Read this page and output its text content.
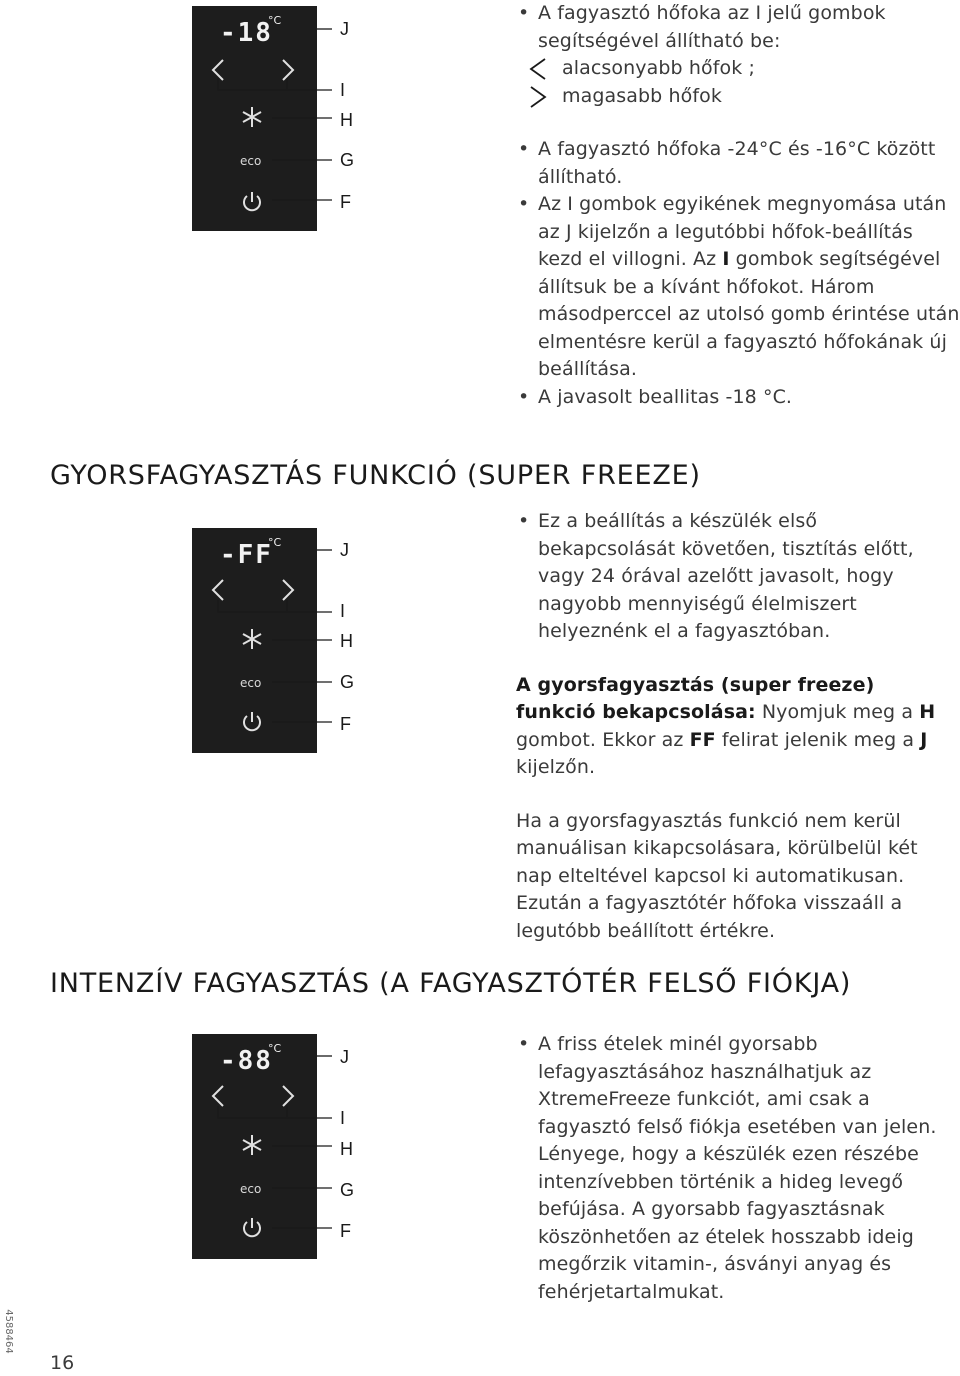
-18
°C
eco
J
I
H
G
F
• A fagyasztó hőfoka az I jelű gombok
segítségével állítható be:
alacsonyabb hőfok ;
magasabb hőfok
• A fagyasztó hőfoka -24°C és -16°C között állítható.
• Az I gombok egyikének megnyomása után az J kijelzőn a legutóbbi hőfok-beállítás kezd el villogni. Az I gombok segítségével állítsuk be a kívánt hőfokot. Három másodperccel az utolsó gomb érintése után elmentésre kerül a fagyasztó hőfokának új beállítása.
• A javasolt beallitas -18 °C.
GYORSFAGYASZTÁS FUNKCIÓ (SUPER FREEZE)
-FF
°C
eco
J
I
H
G
F
• Ez a beállítás a készülék első bekapcsolását követően, tisztítás előtt, vagy 24 órával azelőtt javasolt, hogy nagyobb mennyiségű élelmiszert helyeznénk el a fagyasztóban.

A gyorsfagyasztás (super freeze) funkció bekapcsolása: Nyomjuk meg a H gombot. Ekkor az FF felirat jelenik meg a J kijelzőn.

Ha a gyorsfagyasztás funkció nem kerül manuálisan kikapcsolásara, körülbelül két nap elteltével kapcsol ki automatikusan. Ezután a fagyasztótér hőfoka visszaáll a legutóbb beállított értékre.

INTENZÍV FAGYASZTÁS (A FAGYASZTÓTÉR FELSŐ FIÓKJA)
-88
°C
eco
J
I
H
G
F
• A friss ételek minél gyorsabb lefagyasztásához használhatjuk az XtremeFreeze funkciót, ami csak a fagyasztó felső fiókja esetében van jelen. Lényege, hogy a készülék ezen részébe intenzívebben történik a hideg levegő befújása. A gyorsabb fagyasztásnak köszönhetően az ételek hosszabb ideig megőrzik vitamin-, ásványi anyag és fehérjetartalmukat.
4588464
16
